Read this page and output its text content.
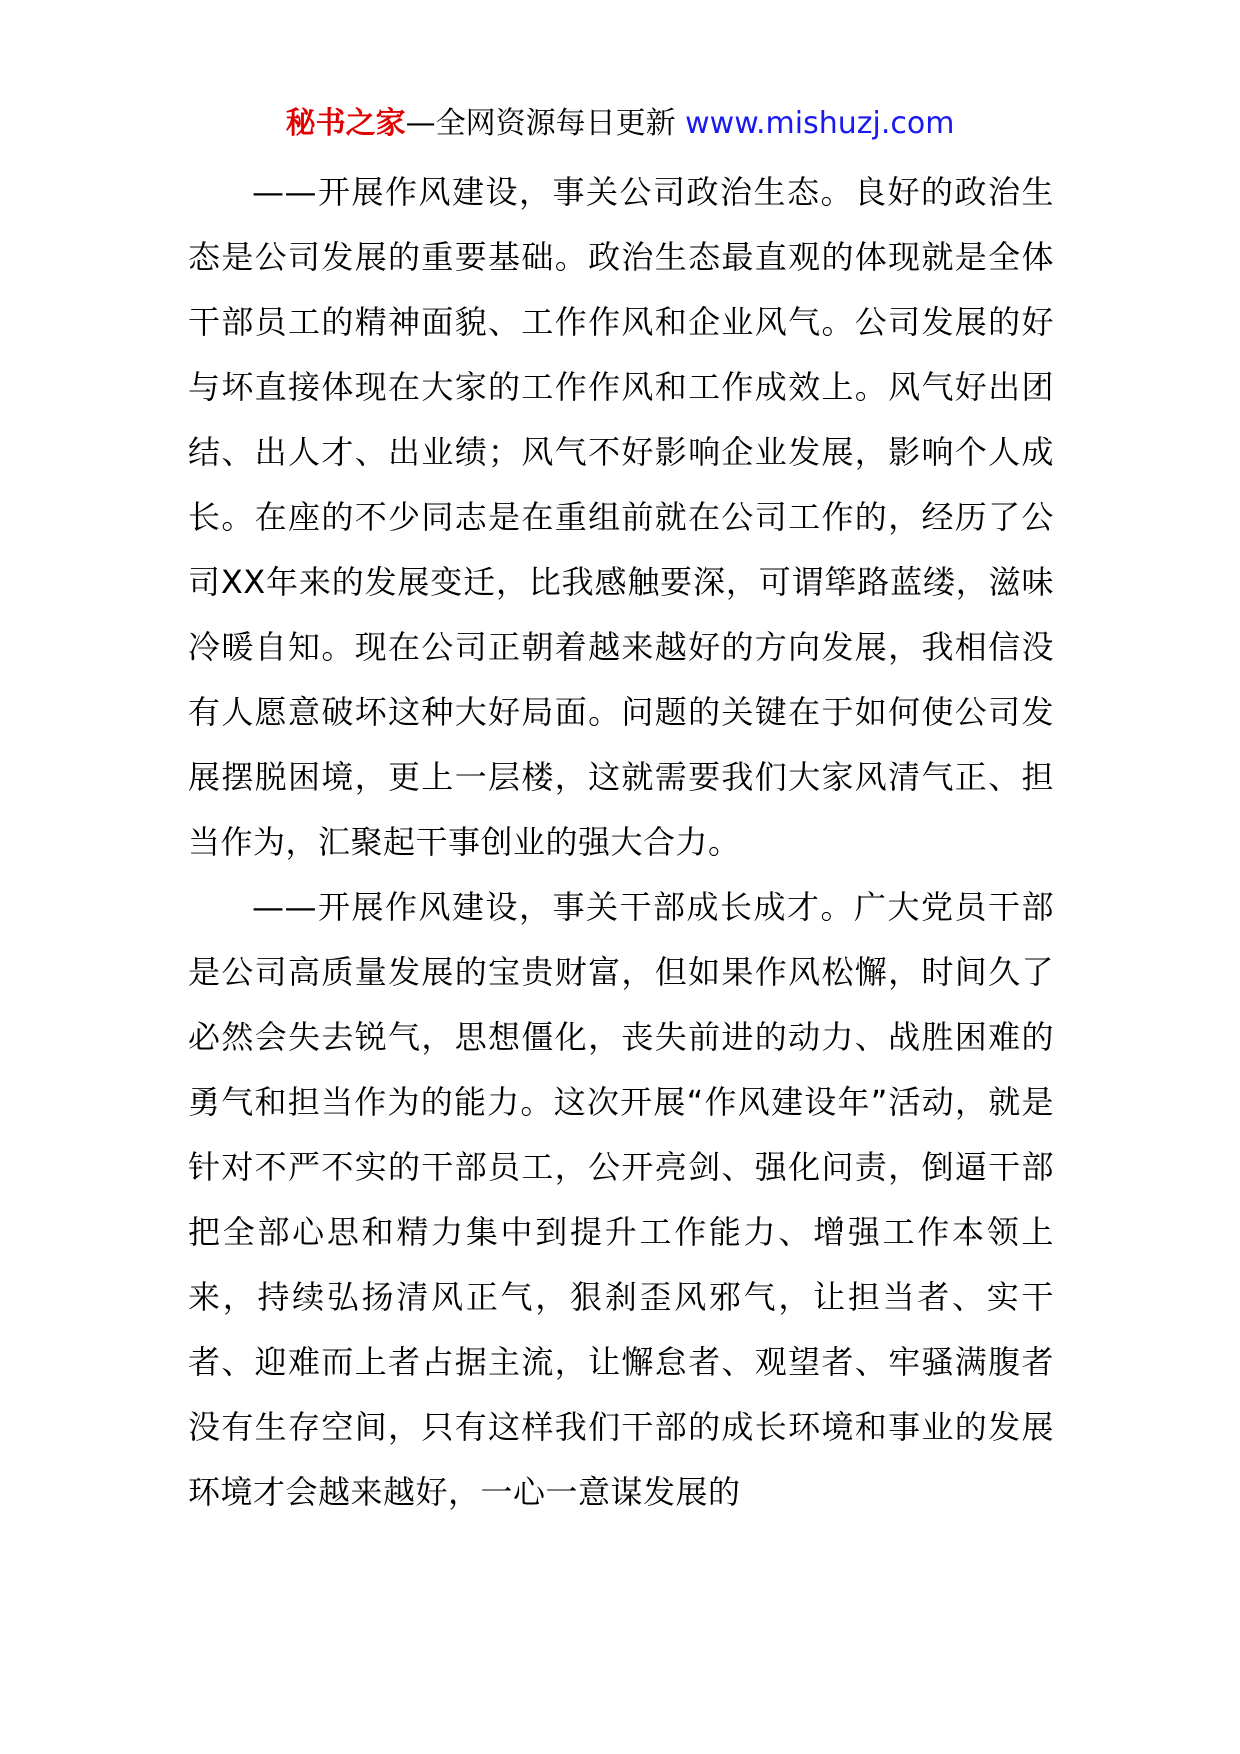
秘书之家—全网资源每日更新 www.mishuzj.com

——开展作风建设，事关公司政治生态。良好的政治生态是公司发展的重要基础。政治生态最直观的体现就是全体干部员工的精神面貌、工作作风和企业风气。公司发展的好与坏直接体现在大家的工作作风和工作成效上。风气好出团结、出人才、出业绩；风气不好影响企业发展，影响个人成长。在座的不少同志是在重组前就在公司工作的，经历了公司XX年来的发展变迁，比我感触要深，可谓筚路蓝缕，滋味冷暖自知。现在公司正朝着越来越好的方向发展，我相信没有人愿意破坏这种大好局面。问题的关键在于如何使公司发展摆脱困境，更上一层楼，这就需要我们大家风清气正、担当作为，汇聚起干事创业的强大合力。

——开展作风建设，事关干部成长成才。广大党员干部是公司高质量发展的宝贵财富，但如果作风松懈，时间久了必然会失去锐气，思想僵化，丧失前进的动力、战胜困难的勇气和担当作为的能力。这次开展“作风建设年”活动，就是针对不严不实的干部员工，公开亮剑、强化问责，倒逼干部把全部心思和精力集中到提升工作能力、增强工作本领上来，持续弘扬清风正气，狠刹歪风邪气，让担当者、实干者、迎难而上者占据主流，让懈怠者、观望者、牢骚满腹者没有生存空间，只有这样我们干部的成长环境和事业的发展环境才会越来越好，一心一意谋发展的
